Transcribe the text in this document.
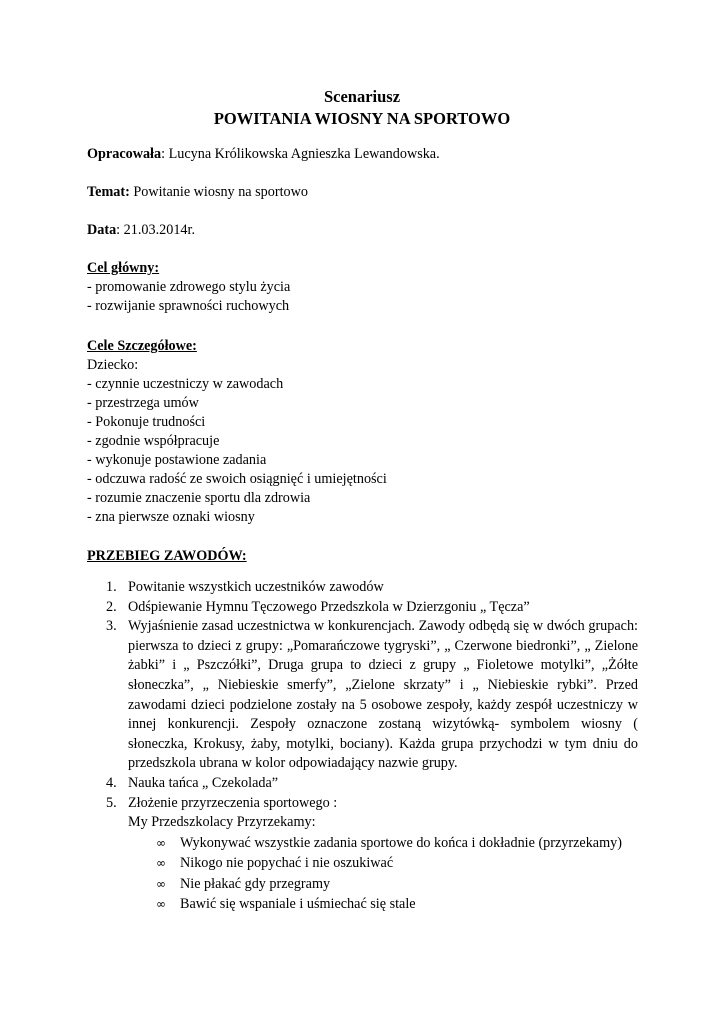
Scenariusz
POWITANIA WIOSNY NA SPORTOWO
Opracowała: Lucyna Królikowska Agnieszka Lewandowska.
Temat: Powitanie wiosny na sportowo
Data: 21.03.2014r.
Cel główny:
- promowanie zdrowego stylu życia
- rozwijanie sprawności ruchowych
Cele Szczegółowe:
Dziecko:
- czynnie uczestniczy w zawodach
- przestrzega umów
- Pokonuje trudności
- zgodnie współpracuje
- wykonuje postawione zadania
- odczuwa radość ze swoich osiągnięć i umiejętności
- rozumie znaczenie sportu dla zdrowia
- zna pierwsze oznaki wiosny
PRZEBIEG ZAWODÓW:
1. Powitanie wszystkich uczestników zawodów
2. Odśpiewanie Hymnu Tęczowego Przedszkola w Dzierzgoniu „ Tęcza”
3. Wyjaśnienie zasad uczestnictwa w konkurencjach. Zawody odbędą się w dwóch grupach: pierwsza to dzieci z grupy: „Pomarańczowe tygryski”, „ Czerwone biedronki”, „ Zielone żabki” i „ Pszczółki”, Druga grupa to dzieci z grupy „ Fioletowe motylki”, „Żółte słoneczka”, „ Niebieskie smerfy”, „Zielone skrzaty” i „ Niebieskie rybki”. Przed zawodami dzieci podzielone zostały na 5 osobowe zespoły, każdy zespół uczestniczy w innej konkurencji. Zespoły oznaczone zostaną wizytówką- symbolem wiosny ( słoneczka, Krokusy, żaby, motylki, bociany). Każda grupa przychodzi w tym dniu do przedszkola ubrana w kolor odpowiadający nazwie grupy.
4. Nauka tańca „ Czekolada”
5. Złożenie przyrzeczenia sportowego :
My Przedszkolacy Przyrzekamy:
∞ Wykonywać wszystkie zadania sportowe do końca i dokładnie (przyrzekamy)
∞ Nikogo nie popychać i nie oszukiwać
∞ Nie płakać gdy przegramy
∞ Bawić się wspaniale i uśmiechać się stale
